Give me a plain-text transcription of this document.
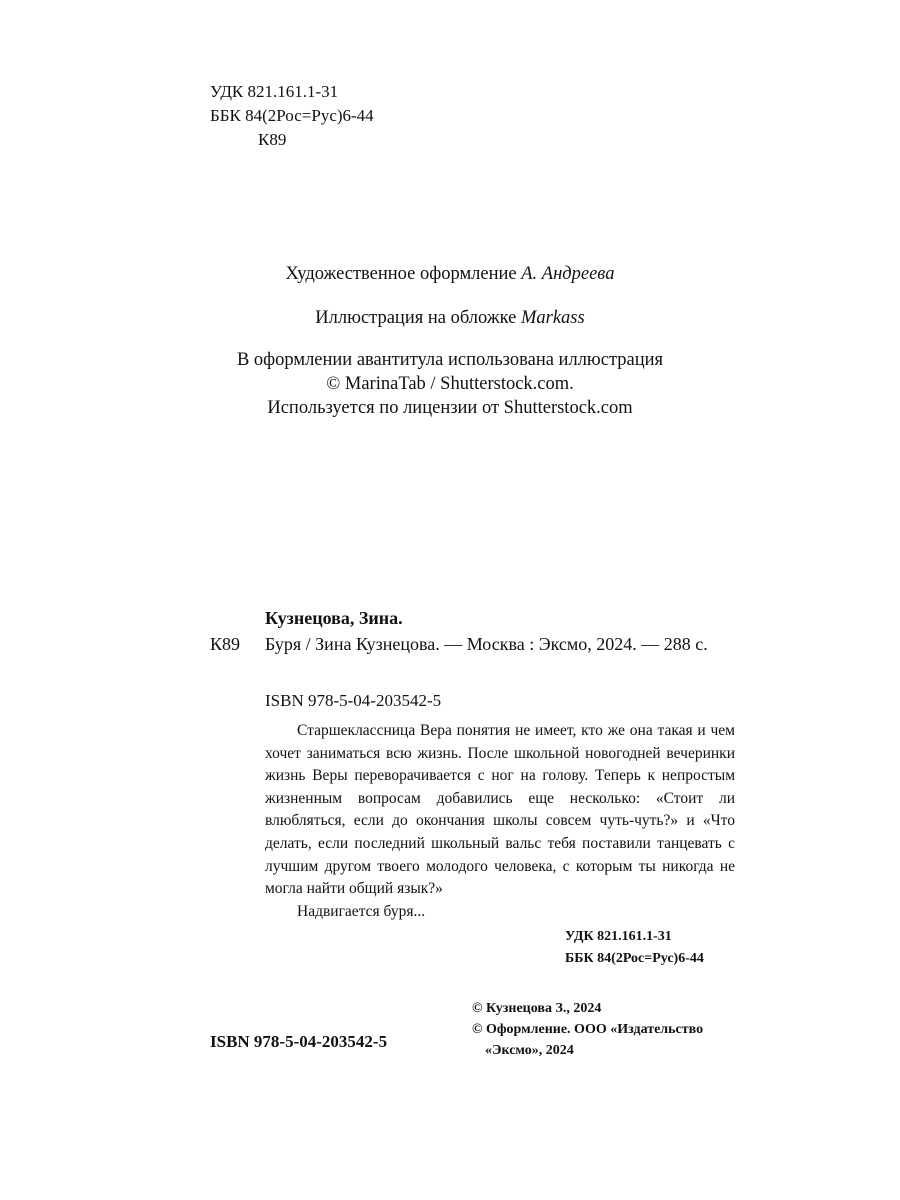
УДК 821.161.1-31
ББК 84(2Рос=Рус)6-44
К89
Художественное оформление А. Андреева
Иллюстрация на обложке Markass
В оформлении авантитула использована иллюстрация
© MarinaTab / Shutterstock.com.
Используется по лицензии от Shutterstock.com
Кузнецова, Зина.
К89 Буря / Зина Кузнецова. — Москва : Эксмо, 2024. — 288 с.
ISBN 978-5-04-203542-5

Старшеклассница Вера понятия не имеет, кто же она такая и чем хочет заниматься всю жизнь. После школьной новогодней вечеринки жизнь Веры переворачивается с ног на голову. Теперь к непростым жизненным вопросам добавились еще несколько: «Стоит ли влюбляться, если до окончания школы совсем чуть-чуть?» и «Что делать, если последний школьный вальс тебя поставили танцевать с лучшим другом твоего молодого человека, с которым ты никогда не могла найти общий язык?»

Надвигается буря...

УДК 821.161.1-31
ББК 84(2Рос=Рус)6-44
© Кузнецова З., 2024
© Оформление. ООО «Издательство
«Эксмо», 2024
ISBN 978-5-04-203542-5
